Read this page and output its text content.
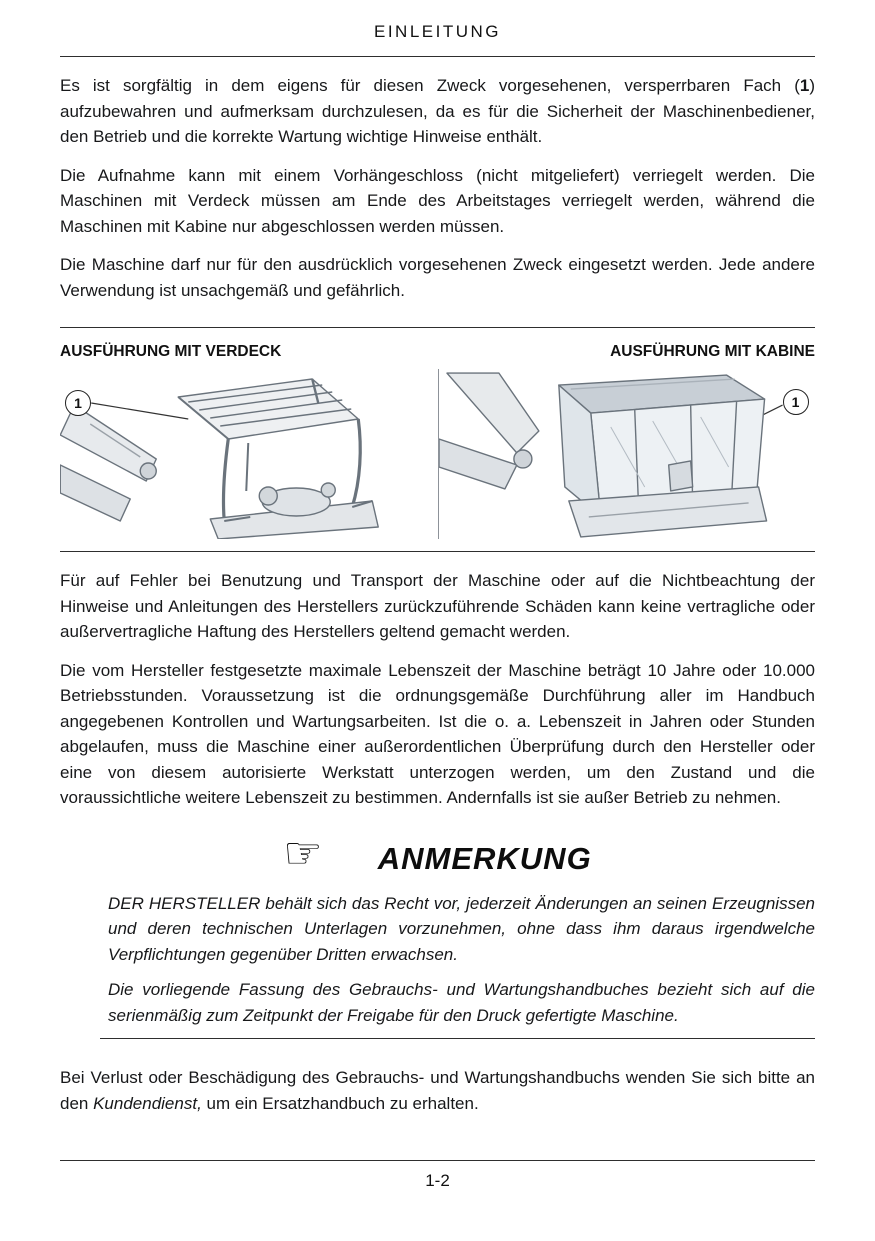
EINLEITUNG

Es ist sorgfältig in dem eigens für diesen Zweck vorgesehenen, versperrbaren Fach (1) aufzubewahren und aufmerksam durchzulesen, da es für die Sicherheit der Maschinenbediener, den Betrieb und die korrekte Wartung wichtige Hinweise enthält.

Die Aufnahme kann mit einem Vorhängeschloss (nicht mitgeliefert) verriegelt werden. Die Maschinen mit Verdeck müssen am Ende des Arbeitstages verriegelt werden, während die Maschinen mit Kabine nur abgeschlossen werden müssen.

Die Maschine darf nur für den ausdrücklich vorgesehenen Zweck eingesetzt werden. Jede andere Verwendung ist unsachgemäß und gefährlich.

AUSFÜHRUNG MIT VERDECK	AUSFÜHRUNG MIT KABINE
1	1

Für auf Fehler bei Benutzung und Transport der Maschine oder auf die Nichtbeachtung der Hinweise und Anleitungen des Herstellers zurückzuführende Schäden kann keine vertragliche oder außervertragliche Haftung des Herstellers geltend gemacht werden.

Die vom Hersteller festgesetzte maximale Lebenszeit der Maschine beträgt 10 Jahre oder 10.000 Betriebsstunden. Voraussetzung ist die ordnungsgemäße Durchführung aller im Handbuch angegebenen Kontrollen und Wartungsarbeiten. Ist die o. a. Lebenszeit in Jahren oder Stunden abgelaufen, muss die Maschine einer außerordentlichen Überprüfung durch den Hersteller oder eine von diesem autorisierte Werkstatt unterzogen werden, um den Zustand und die voraussichtliche weitere Lebenszeit zu bestimmen. Andernfalls ist sie außer Betrieb zu nehmen.

☞ ANMERKUNG

DER HERSTELLER behält sich das Recht vor, jederzeit Änderungen an seinen Erzeugnissen und deren technischen Unterlagen vorzunehmen, ohne dass ihm daraus irgendwelche Verpflichtungen gegenüber Dritten erwachsen.

Die vorliegende Fassung des Gebrauchs- und Wartungshandbuches bezieht sich auf die serienmäßig zum Zeitpunkt der Freigabe für den Druck gefertigte Maschine.

Bei Verlust oder Beschädigung des Gebrauchs- und Wartungshandbuchs wenden Sie sich bitte an den Kundendienst, um ein Ersatzhandbuch zu erhalten.

1-2
